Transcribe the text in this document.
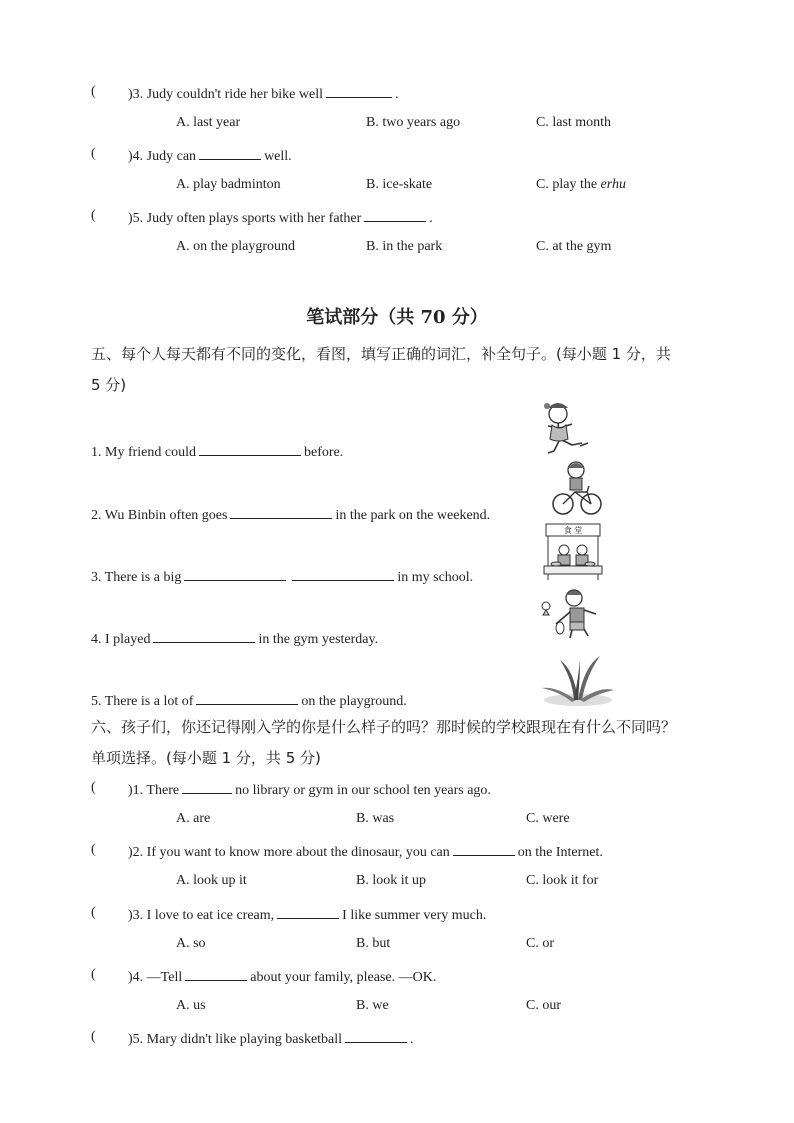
( )3. Judy couldn't ride her bike well	.
A. last year	B. two years ago	C. last month
( )4. Judy can	well.
A. play badminton	B. ice-skate	C. play the erhu
( )5. Judy often plays sports with her father	.
A. on the playground	B. in the park	C. at the gym
笔试部分（共 70 分）
五、每个人每天都有不同的变化，看图，填写正确的词汇，补全句子。(每小题 1 分，共
5 分)
1. My friend could	before.
2. Wu Binbin often goes	in the park on the weekend.
3. There is a big	in my school.
4. I played	in the gym yesterday.
5. There is a lot of	on the playground.
食 堂
六、孩子们，你还记得刚入学的你是什么样子的吗？那时候的学校跟现在有什么不同吗？
单项选择。(每小题 1 分，共 5 分)
( )1. There	no library or gym in our school ten years ago.
A. are	B. was	C. were
( )2. If you want to know more about the dinosaur, you can	on the Internet.
A. look up it	B. look it up	C. look it for
( )3. I love to eat ice cream,	I like summer very much.
A. so	B. but	C. or
( )4. —Tell	about your family, please. —OK.
A. us	B. we	C. our
( )5. Mary didn't like playing basketball	.
